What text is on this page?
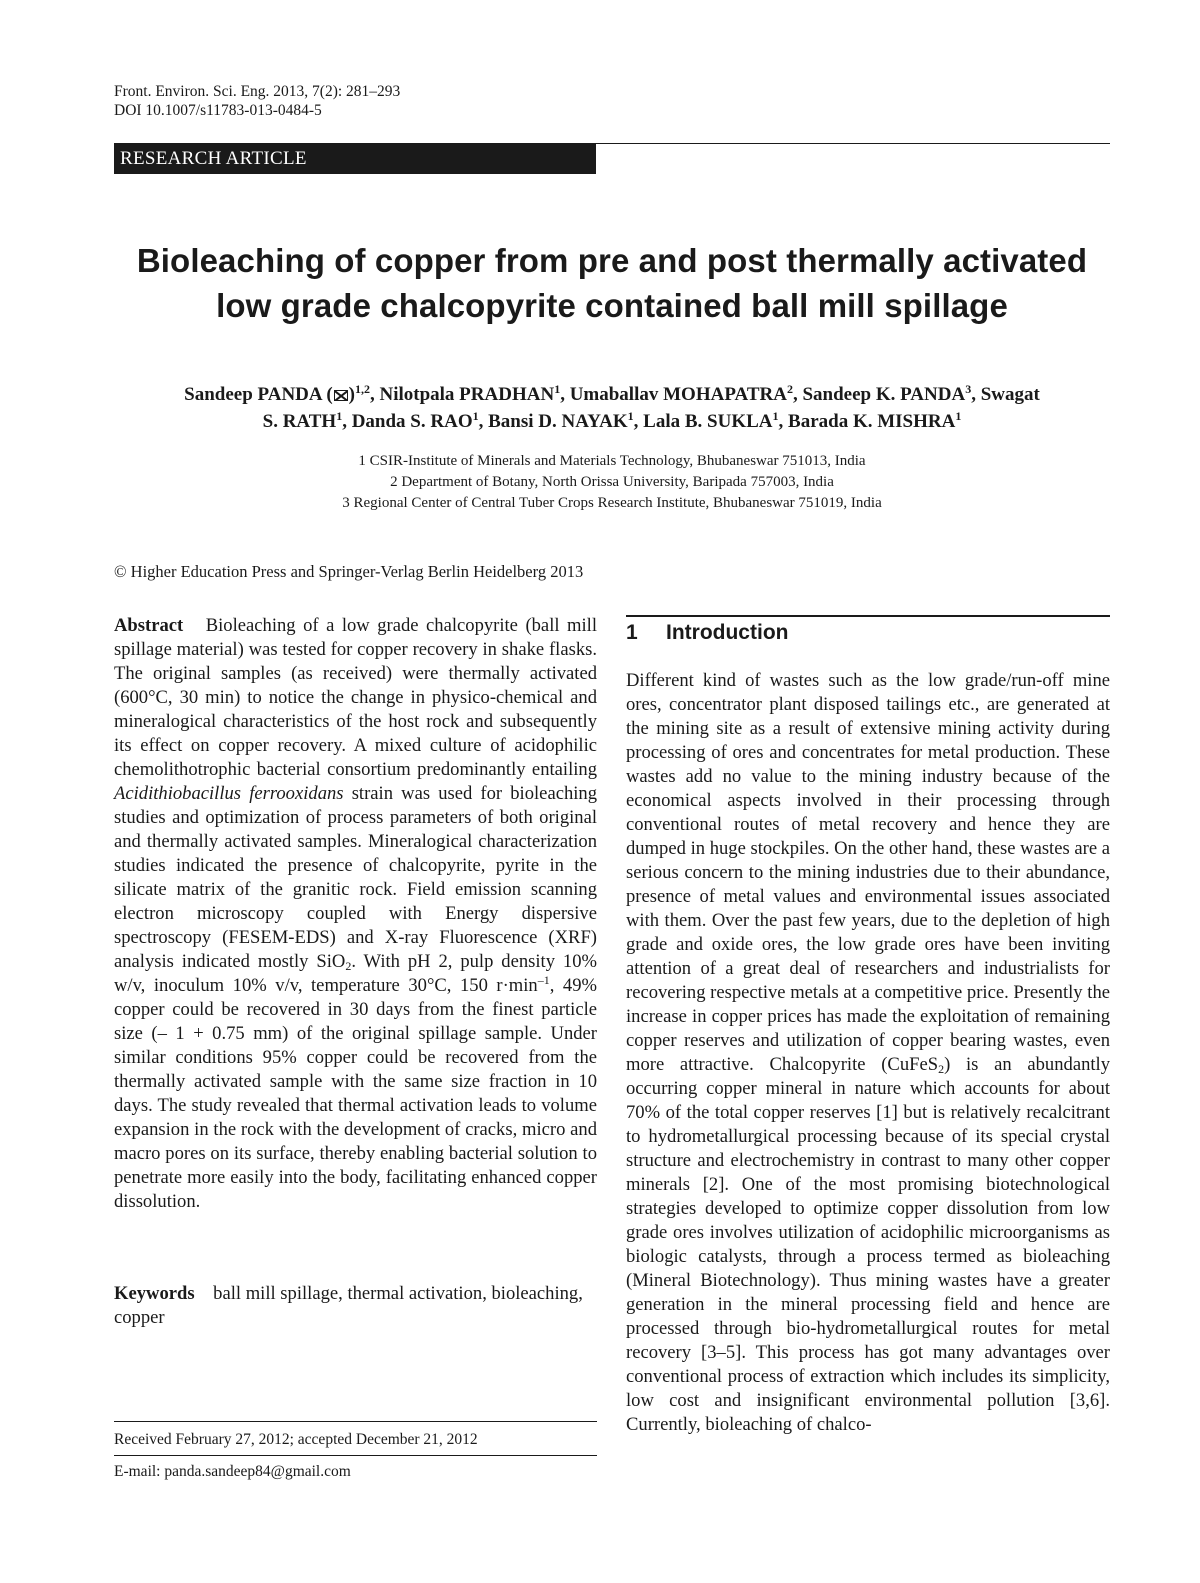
Front. Environ. Sci. Eng. 2013, 7(2): 281–293
DOI 10.1007/s11783-013-0484-5
RESEARCH ARTICLE
Bioleaching of copper from pre and post thermally activated
low grade chalcopyrite contained ball mill spillage
Sandeep PANDA ( )$^{1,2}$, Nilotpala PRADHAN$^1$, Umaballav MOHAPATRA$^2$, Sandeep K. PANDA$^3$, Swagat
S. RATH$^1$, Danda S. RAO$^1$, Bansi D. NAYAK$^1$, Lala B. SUKLA$^1$, Barada K. MISHRA$^1$
1 CSIR-Institute of Minerals and Materials Technology, Bhubaneswar 751013, India
2 Department of Botany, North Orissa University, Baripada 757003, India
3 Regional Center of Central Tuber Crops Research Institute, Bhubaneswar 751019, India
© Higher Education Press and Springer-Verlag Berlin Heidelberg 2013

Abstract Bioleaching of a low grade chalcopyrite (ball mill spillage material) was tested for copper recovery in shake flasks. The original samples (as received) were thermally activated (600°C, 30 min) to notice the change in physico-chemical and mineralogical characteristics of the host rock and subsequently its effect on copper recovery. A mixed culture of acidophilic chemolithotrophic bacterial consortium predominantly entailing Acidithiobacillus ferrooxidans strain was used for bioleaching studies and optimization of process parameters of both original and thermally activated samples. Mineralogical characterization studies indicated the presence of chalcopyrite, pyrite in the silicate matrix of the granitic rock. Field emission scanning electron microscopy coupled with Energy dispersive spectroscopy (FESEM-EDS) and X-ray Fluorescence (XRF) analysis indicated mostly SiO$_2$. With pH 2, pulp density 10% w/v, inoculum 10% v/v, temperature 30°C, 150 $r\cdot\min^{-1}$, 49% copper could be recovered in 30 days from the finest particle size (– 1 + 0.75 mm) of the original spillage sample. Under similar conditions 95% copper could be recovered from the thermally activated sample with the same size fraction in 10 days. The study revealed that thermal activation leads to volume expansion in the rock with the development of cracks, micro and macro pores on its surface, thereby enabling bacterial solution to penetrate more easily into the body, facilitating enhanced copper dissolution.

Keywords ball mill spillage, thermal activation, bioleaching, copper
Received February 27, 2012; accepted December 21, 2012
E-mail: panda.sandeep84@gmail.com
1 Introduction

Different kind of wastes such as the low grade/run-off mine ores, concentrator plant disposed tailings etc., are generated at the mining site as a result of extensive mining activity during processing of ores and concentrates for metal production. These wastes add no value to the mining industry because of the economical aspects involved in their processing through conventional routes of metal recovery and hence they are dumped in huge stockpiles. On the other hand, these wastes are a serious concern to the mining industries due to their abundance, presence of metal values and environmental issues associated with them. Over the past few years, due to the depletion of high grade and oxide ores, the low grade ores have been inviting attention of a great deal of researchers and industrialists for recovering respective metals at a competitive price. Presently the increase in copper prices has made the exploitation of remaining copper reserves and utilization of copper bearing wastes, even more attractive. Chalcopyrite (CuFeS$_2$) is an abundantly occurring copper mineral in nature which accounts for about 70% of the total copper reserves [1] but is relatively recalcitrant to hydrometallurgical processing because of its special crystal structure and electrochemistry in contrast to many other copper minerals [2]. One of the most promising biotechnological strategies developed to optimize copper dissolution from low grade ores involves utilization of acidophilic microorganisms as biologic catalysts, through a process termed as bioleaching (Mineral Biotechnology). Thus mining wastes have a greater generation in the mineral processing field and hence are processed through bio-hydrometallurgical routes for metal recovery [3–5]. This process has got many advantages over conventional process of extraction which includes its simplicity, low cost and insignificant environmental pollution [3,6]. Currently, bioleaching of chalco-
